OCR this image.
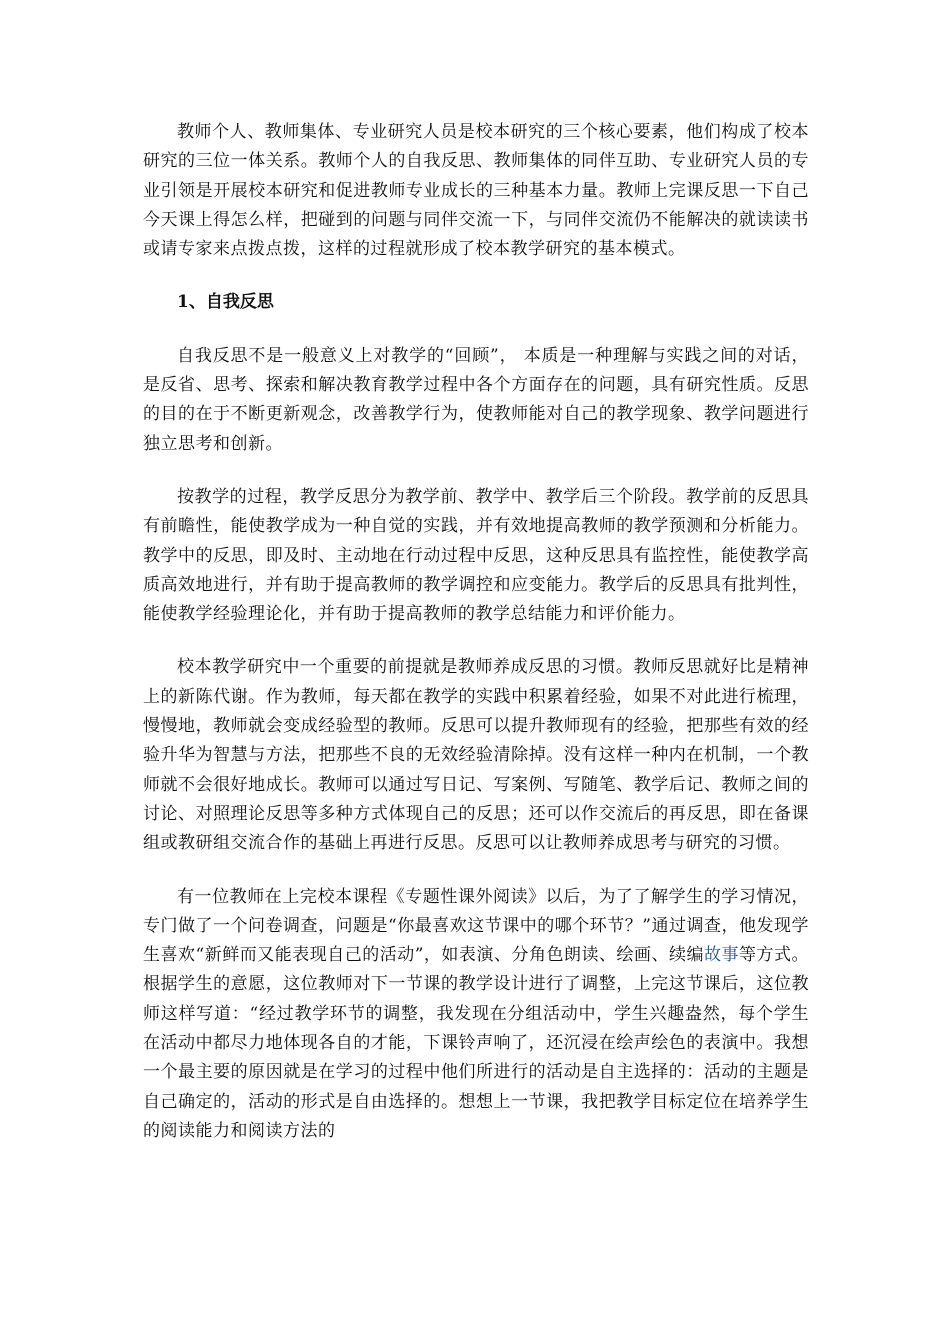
教师个人、教师集体、专业研究人员是校本研究的三个核心要素，他们构成了校本研究的三位一体关系。教师个人的自我反思、教师集体的同伴互助、专业研究人员的专业引领是开展校本研究和促进教师专业成长的三种基本力量。教师上完课反思一下自己今天课上得怎么样，把碰到的问题与同伴交流一下，与同伴交流仍不能解决的就读读书或请专家来点拨点拨，这样的过程就形成了校本教学研究的基本模式。

1、自我反思

自我反思不是一般意义上对教学的“回顾”， 本质是一种理解与实践之间的对话，是反省、思考、探索和解决教育教学过程中各个方面存在的问题，具有研究性质。反思的目的在于不断更新观念，改善教学行为，使教师能对自己的教学现象、教学问题进行独立思考和创新。

按教学的过程，教学反思分为教学前、教学中、教学后三个阶段。教学前的反思具有前瞻性，能使教学成为一种自觉的实践，并有效地提高教师的教学预测和分析能力。教学中的反思，即及时、主动地在行动过程中反思，这种反思具有监控性，能使教学高质高效地进行，并有助于提高教师的教学调控和应变能力。教学后的反思具有批判性，能使教学经验理论化，并有助于提高教师的教学总结能力和评价能力。

校本教学研究中一个重要的前提就是教师养成反思的习惯。教师反思就好比是精神上的新陈代谢。作为教师，每天都在教学的实践中积累着经验，如果不对此进行梳理，慢慢地，教师就会变成经验型的教师。反思可以提升教师现有的经验，把那些有效的经验升华为智慧与方法，把那些不良的无效经验清除掉。没有这样一种内在机制，一个教师就不会很好地成长。教师可以通过写日记、写案例、写随笔、教学后记、教师之间的讨论、对照理论反思等多种方式体现自己的反思；还可以作交流后的再反思，即在备课组或教研组交流合作的基础上再进行反思。反思可以让教师养成思考与研究的习惯。

有一位教师在上完校本课程《专题性课外阅读》以后，为了了解学生的学习情况，专门做了一个问卷调查，问题是“你最喜欢这节课中的哪个环节？”通过调查，他发现学生喜欢“新鲜而又能表现自己的活动”，如表演、分角色朗读、绘画、续编故事等方式。根据学生的意愿，这位教师对下一节课的教学设计进行了调整，上完这节课后，这位教师这样写道：“经过教学环节的调整，我发现在分组活动中，学生兴趣盎然，每个学生在活动中都尽力地体现各自的才能，下课铃声响了，还沉浸在绘声绘色的表演中。我想一个最主要的原因就是在学习的过程中他们所进行的活动是自主选择的：活动的主题是自己确定的，活动的形式是自由选择的。想想上一节课，我把教学目标定位在培养学生的阅读能力和阅读方法的
